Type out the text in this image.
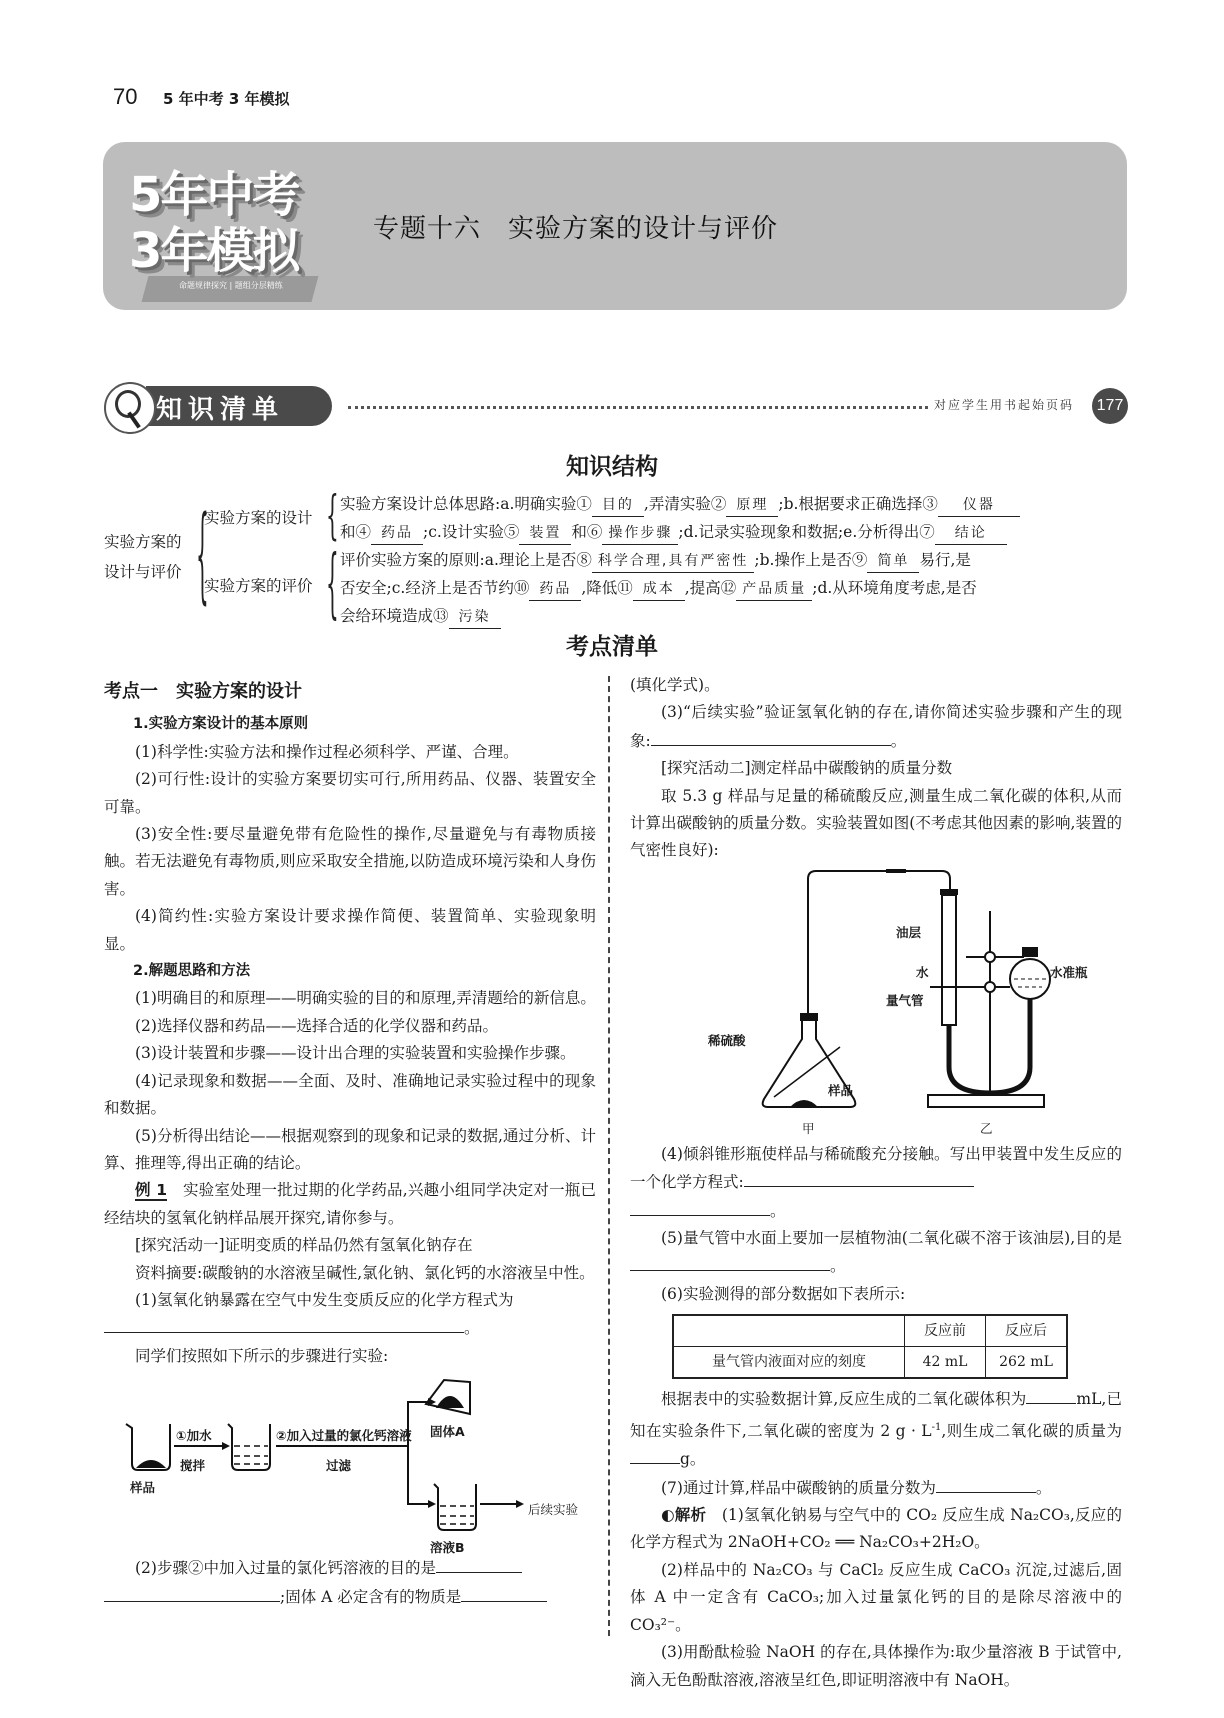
70 5 年中考 3 年模拟
5年中考
3年模拟
命题规律探究 | 题组分层精练
专题十六　实验方案的设计与评价
知识清单	对应学生用书起始页码 177
知识结构
实验方案的
设计与评价 {
实验方案的设计 { 实验方案设计总体思路:a.明确实验① 目的 ,弄清实验② 原理 ;b.根据要求正确选择③ 仪器
和④ 药品 ;c.设计实验⑤ 装置 和⑥ 操作步骤 ;d.记录实验现象和数据;e.分析得出⑦ 结论
实验方案的评价 { 评价实验方案的原则:a.理论上是否⑧ 科学合理,具有严密性 ;b.操作上是否⑨ 简单 易行,是
否安全;c.经济上是否节约⑩ 药品 ,降低⑪ 成本 ,提高⑫ 产品质量 ;d.从环境角度考虑,是否
会给环境造成⑬ 污染
考点清单
考点一　实验方案的设计
1.实验方案设计的基本原则

(1)科学性:实验方法和操作过程必须科学、严谨、合理。

(2)可行性:设计的实验方案要切实可行,所用药品、仪器、装置安全可靠。

(3)安全性:要尽量避免带有危险性的操作,尽量避免与有毒物质接触。若无法避免有毒物质,则应采取安全措施,以防造成环境污染和人身伤害。

(4)简约性:实验方案设计要求操作简便、装置简单、实验现象明显。

2.解题思路和方法

(1)明确目的和原理——明确实验的目的和原理,弄清题给的新信息。

(2)选择仪器和药品——选择合适的化学仪器和药品。

(3)设计装置和步骤——设计出合理的实验装置和实验操作步骤。

(4)记录现象和数据——全面、及时、准确地记录实验过程中的现象和数据。

(5)分析得出结论——根据观察到的现象和记录的数据,通过分析、计算、推理等,得出正确的结论。

例 1　 实验室处理一批过期的化学药品,兴趣小组同学决定对一瓶已经结块的氢氧化钠样品展开探究,请你参与。

[探究活动一]证明变质的样品仍然有氢氧化钠存在

资料摘要:碳酸钠的水溶液呈碱性,氯化钠、氯化钙的水溶液呈中性。

(1)氢氧化钠暴露在空气中发生变质反应的化学方程式为

。

同学们按照如下所示的步骤进行实验:

样品
①加水
搅拌
②加入过量的氯化钙溶液
过滤
固体A
溶液B
后续实验

(2)步骤②中加入过量的氯化钙溶液的目的是

;固体 A 必定含有的物质是

(填化学式)。

(3)“后续实验”验证氢氧化钠的存在,请你简述实验步骤和产生的现象:	。

[探究活动二]测定样品中碳酸钠的质量分数

取 5.3 g 样品与足量的稀硫酸反应,测量生成二氧化碳的体积,从而计算出碳酸钠的质量分数。实验装置如图(不考虑其他因素的影响,装置的气密性良好):

油层
水
量气管
水准瓶
稀硫酸
样品
甲	乙

(4)倾斜锥形瓶使样品与稀硫酸充分接触。写出甲装置中发生反应的一个化学方程式:

。

(5)量气管中水面上要加一层植物油(二氧化碳不溶于该油层),目的是。

(6)实验测得的部分数据如下表所示:

	反应前	反应后
量气管内液面对应的刻度	42 mL	262 mL

根据表中的实验数据计算,反应生成的二氧化碳体积为	mL,已知在实验条件下,二氧化碳的密度为 2 $g \cdot L^{-1}$,则生成二氧化碳的质量为g。

(7)通过计算,样品中碳酸钠的质量分数为	。

◐解析　 (1)氢氧化钠易与空气中的 CO₂ 反应生成 Na₂CO₃,反应的化学方程式为 2NaOH+CO₂ ══ Na₂CO₃+2H₂O。

(2)样品中的 Na₂CO₃ 与 CaCl₂ 反应生成 CaCO₃ 沉淀,过滤后,固体 A 中一定含有 CaCO₃;加入过量氯化钙的目的是除尽溶液中的 CO₃²⁻。

(3)用酚酞检验 NaOH 的存在,具体操作为:取少量溶液 B 于试管中,滴入无色酚酞溶液,溶液呈红色,即证明溶液中有 NaOH。
